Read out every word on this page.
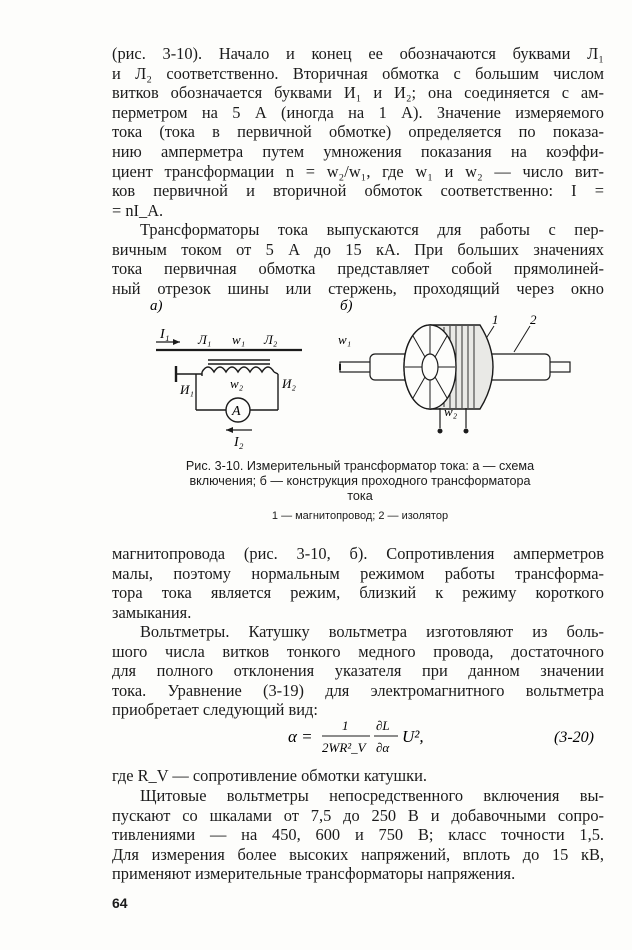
(рис. 3-10). Начало и конец ее обозначаются буквами Л₁
и Л₂ соответственно. Вторичная обмотка с большим числом
витков обозначается буквами И₁ и И₂; она соединяется с ам-
перметром на 5 А (иногда на 1 А). Значение измеряемого
тока (тока в первичной обмотке) определяется по показа-
нию амперметра путем умножения показания на коэффи-
циент трансформации n = w₂/w₁, где w₁ и w₂ — число вит-
ков первичной и вторичной обмоток соответственно: I =
= nI_A.
Трансформаторы тока выпускаются для работы с пер-
вичным током от 5 А до 15 кА. При больших значениях
тока первичная обмотка представляет собой прямолиней-
ный отрезок шины или стержень, проходящий через окно
а)
I₁ Л₁ w₁ Л₂
A
И₁	w₂	И₂
I₂
б)
w₁
1 2
w₂
Рис. 3-10. Измерительный трансформатор тока: а — схема
включения; б — конструкция проходного трансформатора
тока
1 — магнитопровод; 2 — изолятор
магнитопровода (рис. 3-10, б). Сопротивления амперметров
малы, поэтому нормальным режимом работы трансформа-
тора тока является режим, близкий к режиму короткого
замыкания.
Вольтметры. Катушку вольтметра изготовляют из боль-
шого числа витков тонкого медного провода, достаточного
для полного отклонения указателя при данном значении
тока. Уравнение (3-19) для электромагнитного вольтметра
приобретает следующий вид:
α =
1
2WR²_V
∂L
∂α
U²,	(3-20)
где R_V — сопротивление обмотки катушки.
Щитовые вольтметры непосредственного включения вы-
пускают со шкалами от 7,5 до 250 В и добавочными сопро-
тивлениями — на 450, 600 и 750 В; класс точности 1,5.
Для измерения более высоких напряжений, вплоть до 15 кВ,
применяют измерительные трансформаторы напряжения.
64
